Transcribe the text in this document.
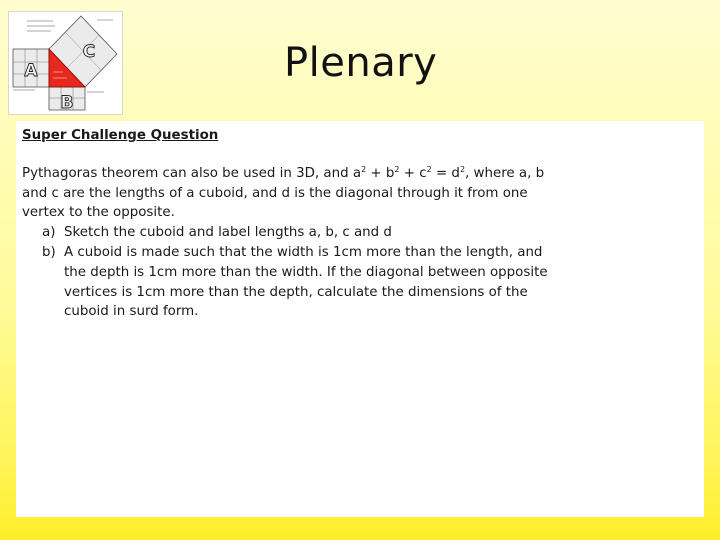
A
B
C	Plenary

Super Challenge Question

Pythagoras theorem can also be used in 3D, and $a^2 + b^2 + c^2 = d^2$, where a, b and c are the lengths of a cuboid, and d is the diagonal through it from one vertex to the opposite.

a) Sketch the cuboid and label lengths a, b, c and d
b) A cuboid is made such that the width is 1cm more than the length, and the depth is 1cm more than the width. If the diagonal between opposite vertices is 1cm more than the depth, calculate the dimensions of the cuboid in surd form.
